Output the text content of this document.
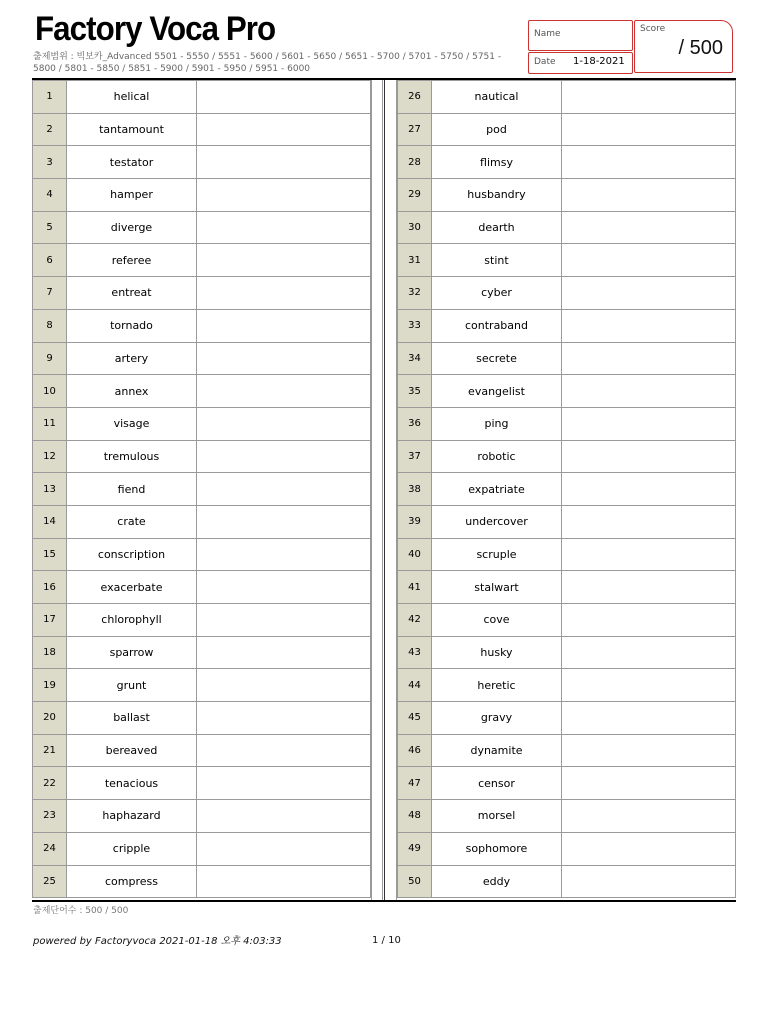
Factory Voca Pro
출제범위 : 빅보카_Advanced 5501 - 5550 / 5551 - 5600 / 5601 - 5650 / 5651 - 5700 / 5701 - 5750 / 5751 - 5800 / 5801 - 5850 / 5851 - 5900 / 5901 - 5950 / 5951 - 6000
Name
Date 1-18-2021
Score
/ 500
1	helical	
2	tantamount	
3	testator	
4	hamper	
5	diverge	
6	referee	
7	entreat	
8	tornado	
9	artery	
10	annex	
11	visage	
12	tremulous	
13	fiend	
14	crate	
15	conscription	
16	exacerbate	
17	chlorophyll	
18	sparrow	
19	grunt	
20	ballast	
21	bereaved	
22	tenacious	
23	haphazard	
24	cripple	
25	compress	
26	nautical	
27	pod	
28	flimsy	
29	husbandry	
30	dearth	
31	stint	
32	cyber	
33	contraband	
34	secrete	
35	evangelist	
36	ping	
37	robotic	
38	expatriate	
39	undercover	
40	scruple	
41	stalwart	
42	cove	
43	husky	
44	heretic	
45	gravy	
46	dynamite	
47	censor	
48	morsel	
49	sophomore	
50	eddy	
출제단어수 : 500 / 500
powered by Factoryvoca 2021-01-18 오후 4:03:33	1 / 10
